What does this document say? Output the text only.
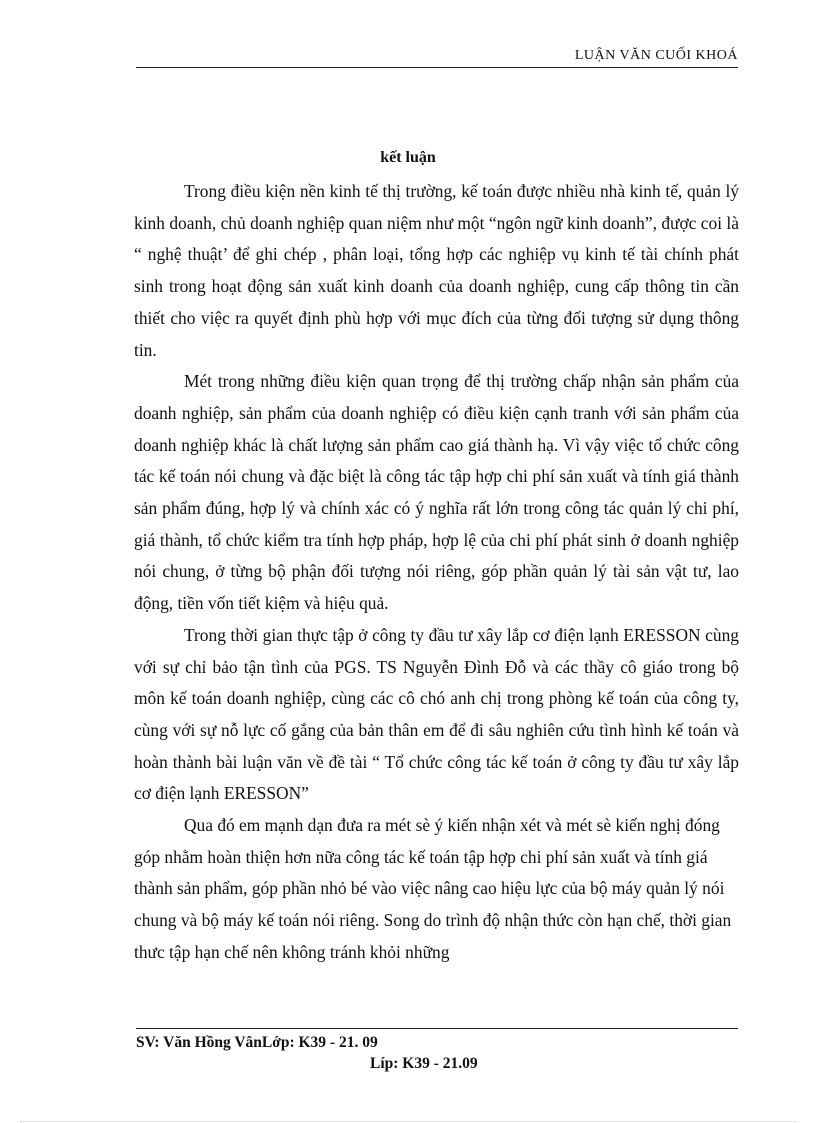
LUẬN VĂN CUỐI KHOÁ
kết luận

Trong điều kiện nền kinh tế thị trường, kế toán được nhiều nhà kinh tế, quản lý kinh doanh, chủ doanh nghiệp quan niệm như một “ngôn ngữ kinh doanh”, được coi là “ nghệ thuật’ để ghi chép , phân loại, tổng hợp các nghiệp vụ kinh tế tài chính phát sinh trong hoạt động sản xuất kinh doanh của doanh nghiệp, cung cấp thông tin cần thiết cho việc ra quyết định phù hợp với mục đích của từng đối tượng sử dụng thông tin.

Mét trong những điều kiện quan trọng để thị trường chấp nhận sản phẩm của doanh nghiệp, sản phẩm của doanh nghiệp có điều kiện cạnh tranh với sản phẩm của doanh nghiệp khác là chất lượng sản phẩm cao giá thành hạ. Vì vậy việc tổ chức công tác kế toán nói chung và đặc biệt là công tác tập hợp chi phí sản xuất và tính giá thành sản phẩm đúng, hợp lý và chính xác có ý nghĩa rất lớn trong công tác quản lý chi phí, giá thành, tổ chức kiểm tra tính hợp pháp, hợp lệ của chi phí phát sinh ở doanh nghiệp nói chung, ở từng bộ phận đối tượng nói riêng, góp phần quản lý tài sản vật tư, lao động, tiền vốn tiết kiệm và hiệu quả.

Trong thời gian thực tập ở công ty đầu tư xây lắp cơ điện lạnh ERESSON cùng với sự chỉ bảo tận tình của PGS. TS Nguyễn Đình Đỗ và các thầy cô giáo trong bộ môn kế toán doanh nghiệp, cùng các cô chó anh chị trong phòng kế toán của công ty, cùng với sự nỗ lực cố gắng của bản thân em để đi sâu nghiên cứu tình hình kế toán và hoàn thành bài luận văn về đề tài “ Tổ chức công tác kế toán ở công ty đầu tư xây lắp cơ điện lạnh ERESSON”

Qua đó em mạnh dạn đưa ra mét sè ý kiến nhận xét và mét sè kiến nghị đóng góp nhằm hoàn thiện hơn nữa công tác kế toán tập hợp chi phí sản xuất và tính giá thành sản phẩm, góp phần nhỏ bé vào việc nâng cao hiệu lực của bộ máy quản lý nói chung và bộ máy kế toán nói riêng. Song do trình độ nhận thức còn hạn chế, thời gian thưc tập hạn chế nên không tránh khỏi những

SV: Văn Hồng VânLớp: K39 - 21. 09
Líp: K39 - 21.09
